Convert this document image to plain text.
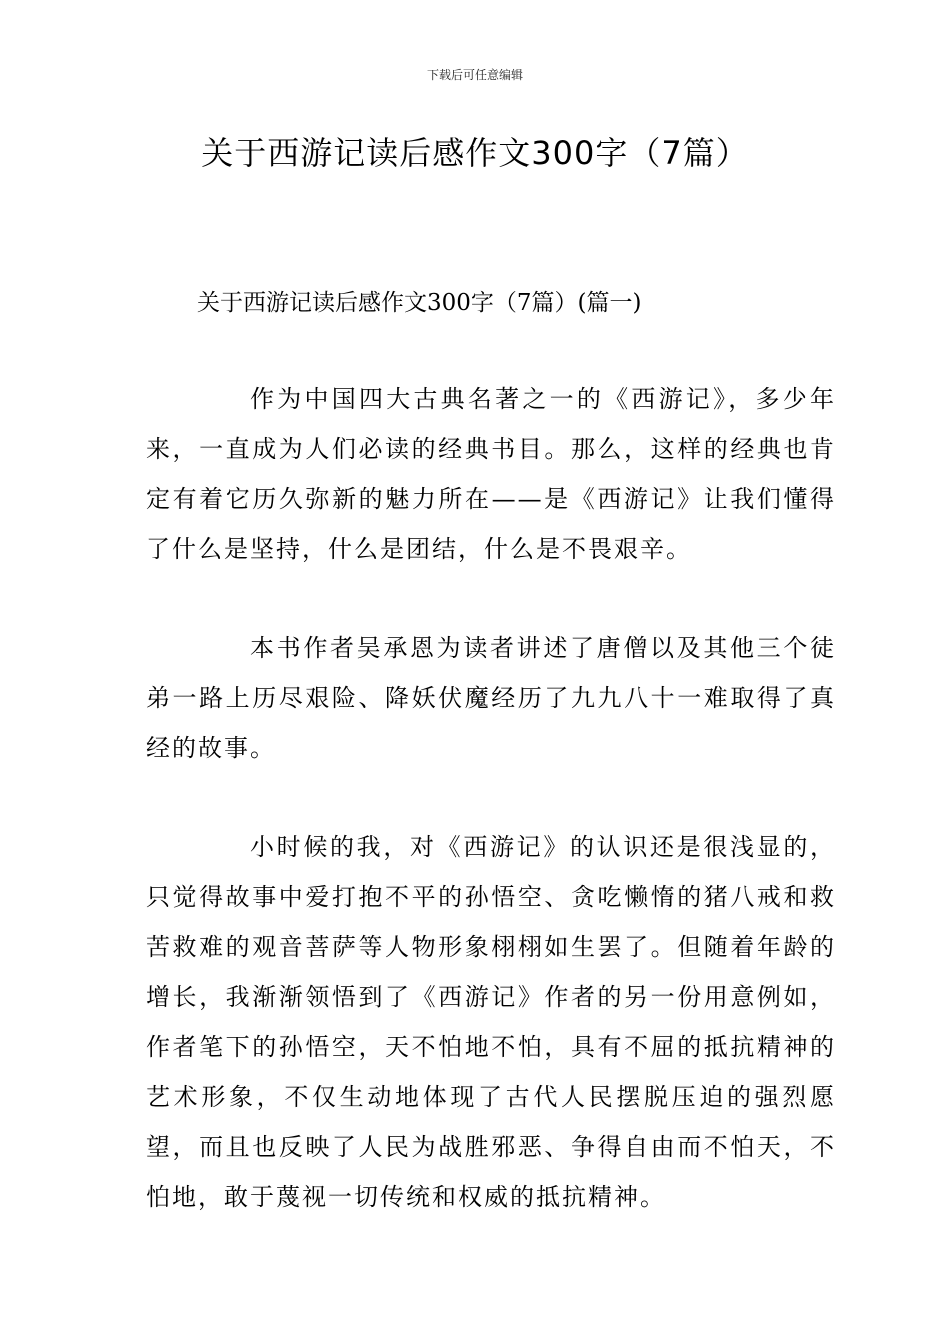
下载后可任意编辑
关于西游记读后感作文300字（7篇）
关于西游记读后感作文300字（7篇）(篇一)

作为中国四大古典名著之一的《西游记》，多少年来，一直成为人们必读的经典书目。那么，这样的经典也肯定有着它历久弥新的魅力所在——是《西游记》让我们懂得了什么是坚持，什么是团结，什么是不畏艰辛。

本书作者吴承恩为读者讲述了唐僧以及其他三个徒弟一路上历尽艰险、降妖伏魔经历了九九八十一难取得了真经的故事。

小时候的我，对《西游记》的认识还是很浅显的，只觉得故事中爱打抱不平的孙悟空、贪吃懒惰的猪八戒和救苦救难的观音菩萨等人物形象栩栩如生罢了。但随着年龄的增长，我渐渐领悟到了《西游记》作者的另一份用意例如，作者笔下的孙悟空，天不怕地不怕，具有不屈的抵抗精神的艺术形象，不仅生动地体现了古代人民摆脱压迫的强烈愿望，而且也反映了人民为战胜邪恶、争得自由而不怕天，不怕地，敢于蔑视一切传统和权威的抵抗精神。
